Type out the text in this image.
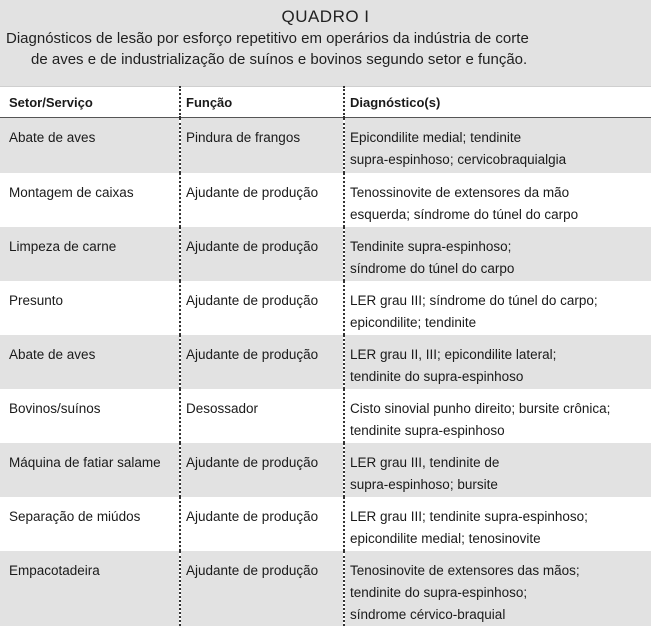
QUADRO I
Diagnósticos de lesão por esforço repetitivo em operários da indústria de corte
de aves e de industrialização de suínos e bovinos segundo setor e função.
Setor/Serviço	Função	Diagnóstico(s)
Abate de aves	Pindura de frangos	Epicondilite medial; tendinite
supra-espinhoso; cervicobraquialgia

Montagem de caixas	Ajudante de produção	Tenossinovite de extensores da mão
esquerda; síndrome do túnel do carpo

Limpeza de carne	Ajudante de produção	Tendinite supra-espinhoso;
síndrome do túnel do carpo

Presunto	Ajudante de produção	LER grau III; síndrome do túnel do carpo;
epicondilite; tendinite

Abate de aves	Ajudante de produção	LER grau II, III; epicondilite lateral;
tendinite do supra-espinhoso

Bovinos/suínos	Desossador	Cisto sinovial punho direito; bursite crônica;
tendinite supra-espinhoso

Máquina de fatiar salame	Ajudante de produção	LER grau III, tendinite de
supra-espinhoso; bursite

Separação de miúdos	Ajudante de produção	LER grau III; tendinite supra-espinhoso;
epicondilite medial; tenosinovite

Empacotadeira	Ajudante de produção	Tenosinovite de extensores das mãos;
tendinite do supra-espinhoso;
síndrome cérvico-braquial
